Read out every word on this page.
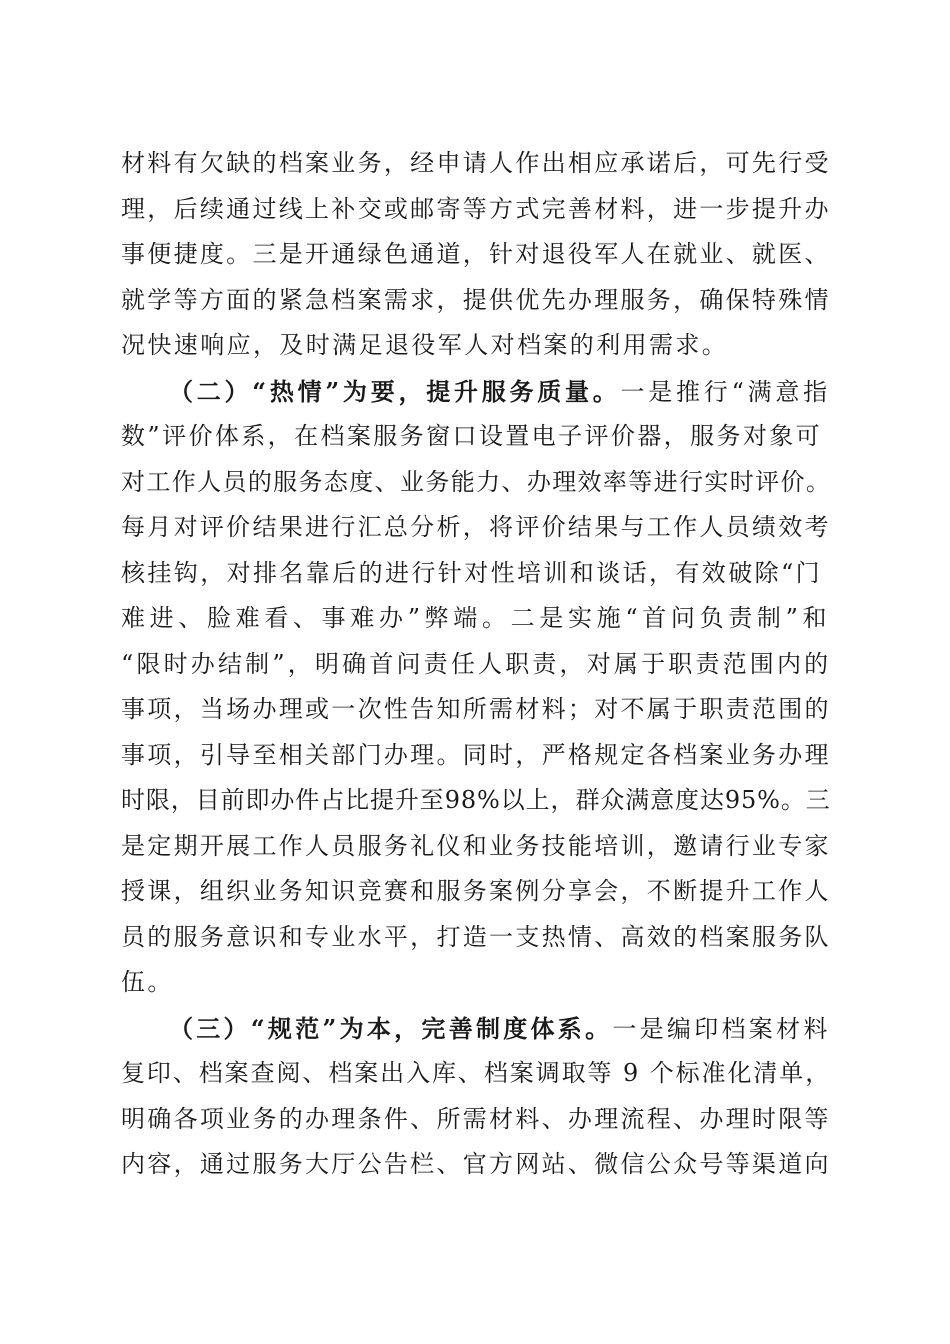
材料有欠缺的档案业务，经申请人作出相应承诺后，可先行受
理，后续通过线上补交或邮寄等方式完善材料，进一步提升办
事便捷度。三是开通绿色通道，针对退役军人在就业、就医、
就学等方面的紧急档案需求，提供优先办理服务，确保特殊情
况快速响应，及时满足退役军人对档案的利用需求。
（二）“热情”为要，提升服务质量。一是推行“满意指
数”评价体系，在档案服务窗口设置电子评价器，服务对象可
对工作人员的服务态度、业务能力、办理效率等进行实时评价。
每月对评价结果进行汇总分析，将评价结果与工作人员绩效考
核挂钩，对排名靠后的进行针对性培训和谈话，有效破除“门
难进、脸难看、事难办”弊端。二是实施“首问负责制”和
“限时办结制”，明确首问责任人职责，对属于职责范围内的
事项，当场办理或一次性告知所需材料；对不属于职责范围的
事项，引导至相关部门办理。同时，严格规定各档案业务办理
时限，目前即办件占比提升至98%以上，群众满意度达95%。三
是定期开展工作人员服务礼仪和业务技能培训，邀请行业专家
授课，组织业务知识竞赛和服务案例分享会，不断提升工作人
员的服务意识和专业水平，打造一支热情、高效的档案服务队
伍。
（三）“规范”为本，完善制度体系。一是编印档案材料
复印、档案查阅、档案出入库、档案调取等 9 个标准化清单，
明确各项业务的办理条件、所需材料、办理流程、办理时限等
内容，通过服务大厅公告栏、官方网站、微信公众号等渠道向
